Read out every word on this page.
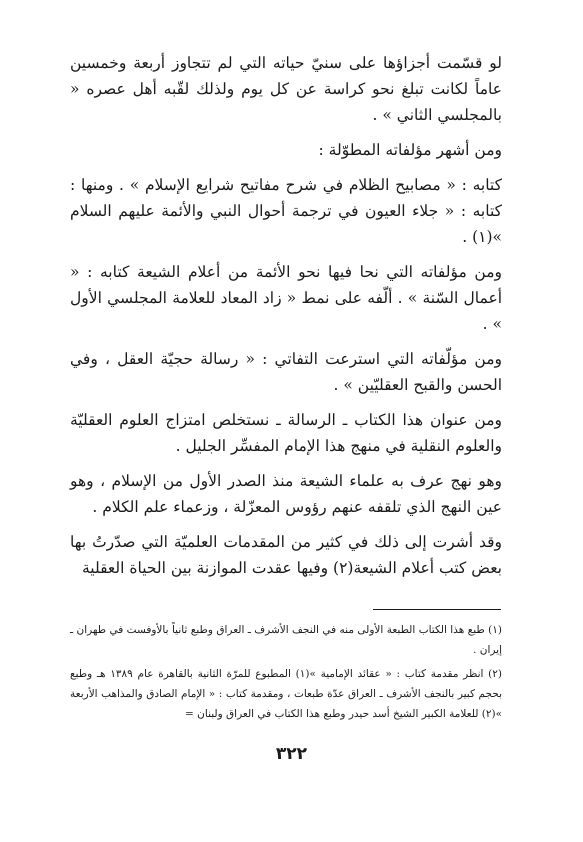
لو قسّمت أجزاؤها على سنيّ حياته التي لم تتجاوز أربعة وخمسين عاماً لكانت تبلغ نحو كراسة عن كل يوم ولذلك لقّبه أهل عصره « بالمجلسي الثاني » .

ومن أشهر مؤلفاته المطوّلة :

كتابه : « مصابيح الظلام في شرح مفاتيح شرايع الإسلام » . ومنها : كتابه : « جلاء العيون في ترجمة أحوال النبي والأئمة عليهم السلام »(١) .

ومن مؤلفاته التي نحا فيها نحو الأئمة من أعلام الشيعة كتابه : « أعمال السّنة » . ألّفه على نمط « زاد المعاد للعلامة المجلسي الأول » .

ومن مؤلّفاته التي استرعت التفاتي : « رسالة حجيّة العقل ، وفي الحسن والقبح العقليّين » .

ومن عنوان هذا الكتاب ـ الرسالة ـ نستخلص امتزاج العلوم العقليّة والعلوم النقلية في منهج هذا الإمام المفسِّر الجليل .

وهو نهج عرف به علماء الشيعة منذ الصدر الأول من الإسلام ، وهو عين النهج الذي تلقفه عنهم رؤوس المعزّلة ، وزعماء علم الكلام .

وقد أشرت إلى ذلك في كثير من المقدمات العلميّة التي صدّرتُ بها بعض كتب أعلام الشيعة(٢) وفيها عقدت الموازنة بين الحياة العقلية

(١) طبع هذا الكتاب الطبعة الأولى منه في النجف الأشرف ـ العراق وطبع ثانياً بالأوفست في طهران ـ إيران .

(٢) انظر مقدمة كتاب : « عقائد الإمامية »(١) المطبوع للمرّة الثانية بالقاهرة عام ١٣٨٩ هـ وطبع بحجم كبير بالنجف الأشرف ـ العراق عدّة طبعات ، ومقدمة كتاب : « الإمام الصادق والمذاهب الأربعة »(٢) للعلامة الكبير الشيخ أسد حيدر وطبع هذا الكتاب في العراق ولبنان =

٣٢٢
